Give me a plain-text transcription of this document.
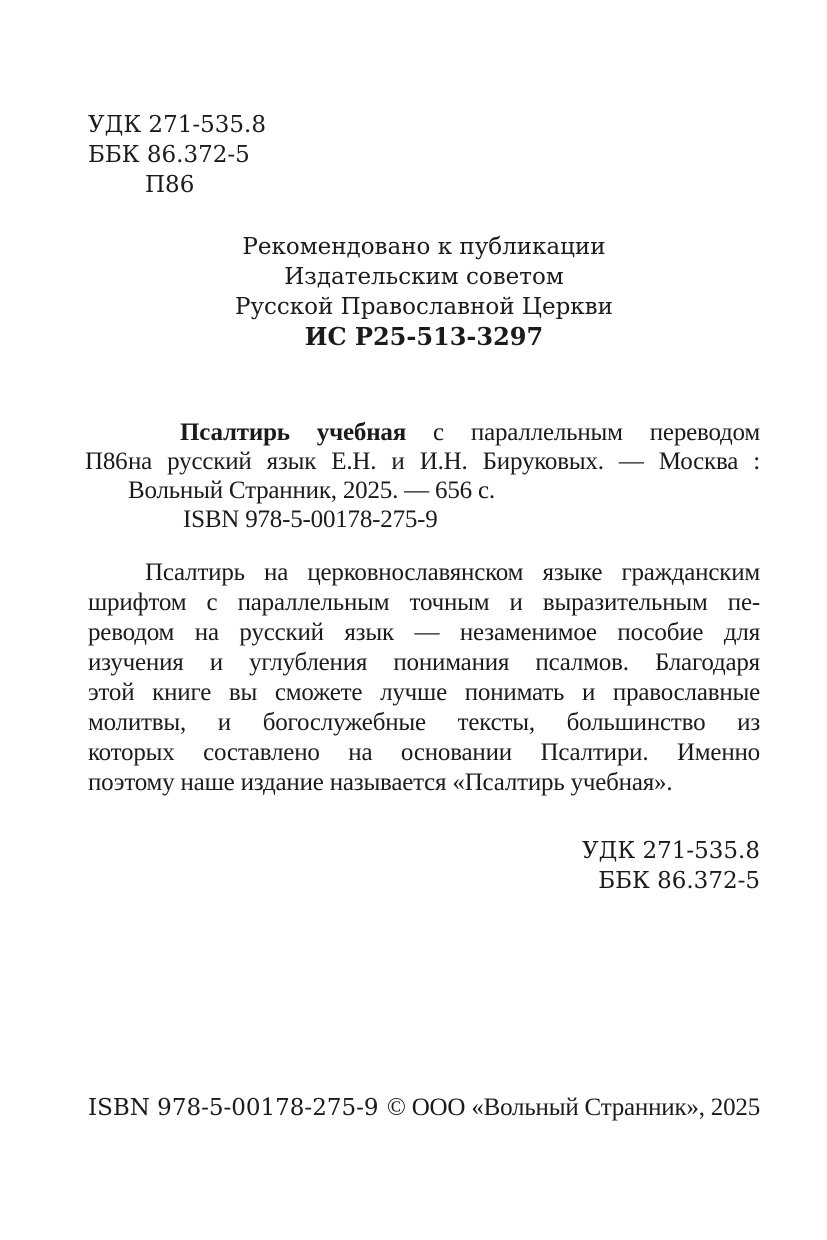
УДК 271-535.8
ББК 86.372-5
П86
Рекомендовано к публикации
Издательским советом
Русской Православной Церкви
ИС Р25-513-3297
П86
Псалтирь учебная с параллельным переводом
на русский язык Е.Н. и И.Н. Бируковых. — Москва :
Вольный Странник, 2025. — 656 с.
ISBN 978-5-00178-275-9
Псалтирь на церковнославянском языке гражданским
шрифтом с параллельным точным и выразительным пе-
реводом на русский язык — незаменимое пособие для
изучения и углубления понимания псалмов. Благодаря
этой книге вы сможете лучше понимать и православные
молитвы, и богослужебные тексты, большинство из
которых составлено на основании Псалтири. Именно
поэтому наше издание называется «Псалтирь учебная».
УДК 271-535.8
ББК 86.372-5
ISBN 978-5-00178-275-9 © ООО «Вольный Странник», 2025
